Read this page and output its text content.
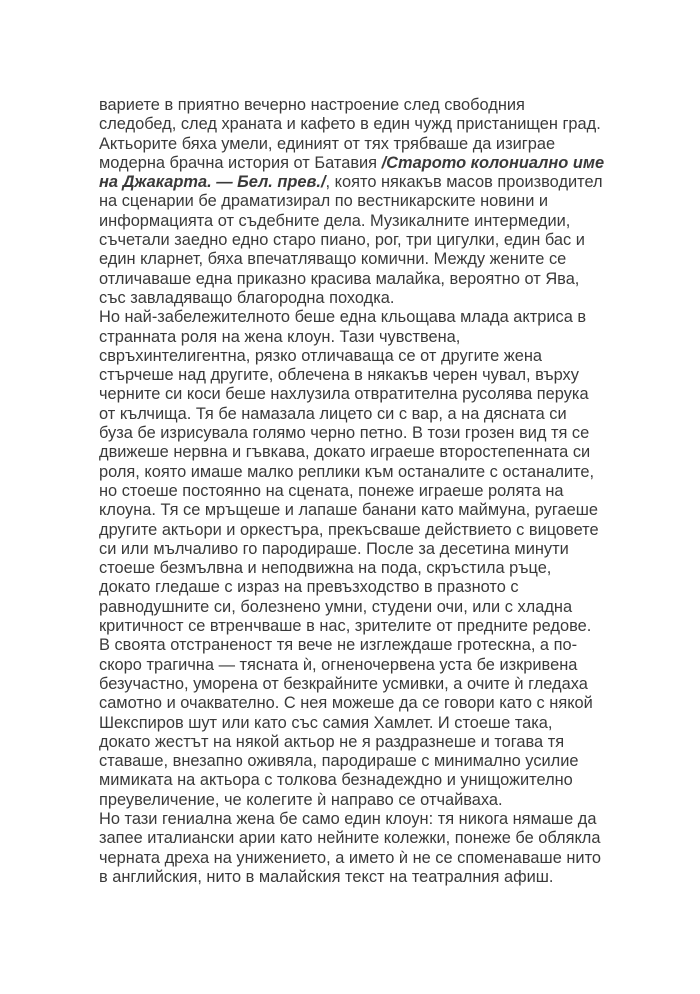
вариете в приятно вечерно настроение след свободния
следобед, след храната и кафето в един чужд пристанищен град.
Актьорите бяха умели, единият от тях трябваше да изиграе
модерна брачна история от Батавия /Старото колониално име
на Джакарта. — Бел. прев./, която някакъв масов производител
на сценарии бе драматизирал по вестникарските новини и
информацията от съдебните дела. Музикалните интермедии,
съчетали заедно едно старо пиано, рог, три цигулки, един бас и
един кларнет, бяха впечатляващо комични. Между жените се
отличаваше една приказно красива малайка, вероятно от Ява,
със завладяващо благородна походка.
Но най-забележителното беше една кльощава млада актриса в
странната роля на жена клоун. Тази чувствена,
свръхинтелигентна, рязко отличаваща се от другите жена
стърчеше над другите, облечена в някакъв черен чувал, върху
черните си коси беше нахлузила отвратителна русолява перука
от кълчища. Тя бе намазала лицето си с вар, а на дясната си
буза бе изрисувала голямо черно петно. В този грозен вид тя се
движеше нервна и гъвкава, докато играеше второстепенната си
роля, която имаше малко реплики към останалите с останалите,
но стоеше постоянно на сцената, понеже играеше ролята на
клоуна. Тя се мръщеше и лапаше банани като маймуна, ругаеше
другите актьори и оркестъра, прекъсваше действието с вицовете
си или мълчаливо го пародираше. После за десетина минути
стоеше безмълвна и неподвижна на пода, скръстила ръце,
докато гледаше с израз на превъзходство в празното с
равнодушните си, болезнено умни, студени очи, или с хладна
критичност се втренчваше в нас, зрителите от предните редове.
В своята отстраненост тя вече не изглеждаше гротескна, а по-
скоро трагична — тясната ѝ, огненочервена уста бе изкривена
безучастно, уморена от безкрайните усмивки, а очите ѝ гледаха
самотно и очаквателно. С нея можеше да се говори като с някой
Шекспиров шут или като със самия Хамлет. И стоеше така,
докато жестът на някой актьор не я раздразнеше и тогава тя
ставаше, внезапно оживяла, пародираше с минимално усилие
мимиката на актьора с толкова безнадеждно и унищожително
преувеличение, че колегите ѝ направо се отчайваха.
Но тази гениална жена бе само един клоун: тя никога нямаше да
запее италиански арии като нейните колежки, понеже бе облякла
черната дреха на унижението, а името ѝ не се споменаваше нито
в английския, нито в малайския текст на театралния афиш.
